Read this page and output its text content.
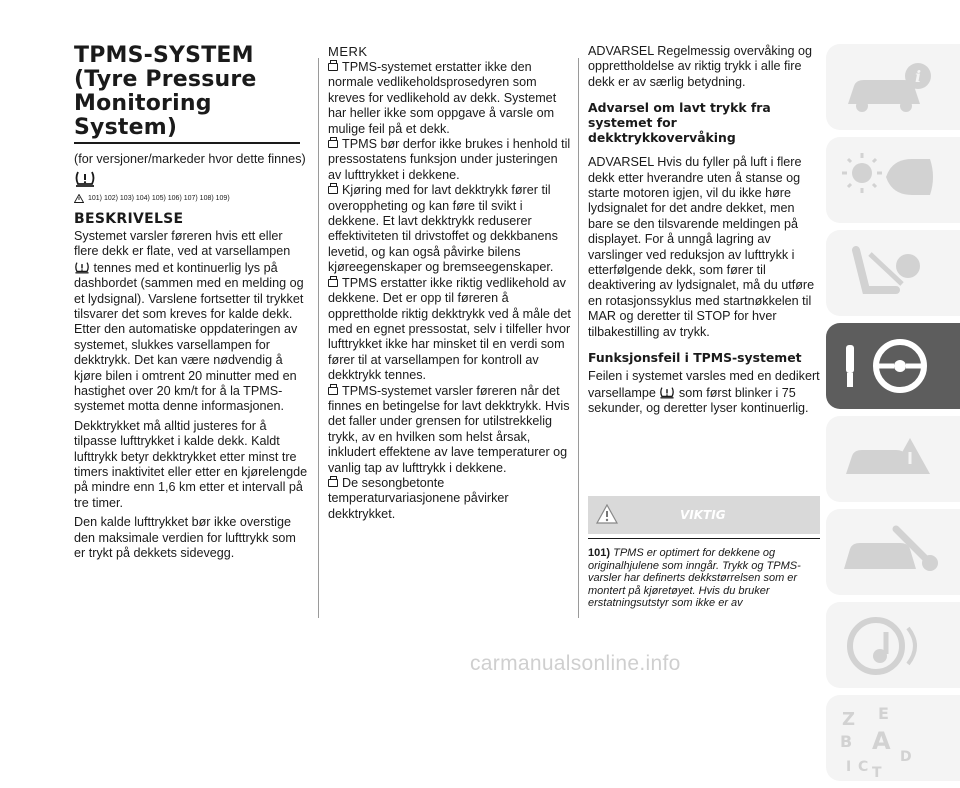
TPMS-SYSTEM
(Tyre Pressure
Monitoring System)

(for versjoner/markeder hvor dette finnes)

101) 102) 103) 104) 105) 106) 107) 108) 109)
BESKRIVELSE

Systemet varsler føreren hvis ett eller flere dekk er flate, ved at varsellampen
tennes med et kontinuerlig lys på dashbordet (sammen med en melding og et lydsignal). Varslene fortsetter til trykket tilsvarer det som kreves for kalde dekk. Etter den automatiske oppdateringen av systemet, slukkes varsellampen for dekktrykk. Det kan være nødvendig å kjøre bilen i omtrent 20 minutter med en hastighet over 20 km/t for å la TPMS-systemet motta denne informasjonen.

Dekktrykket må alltid justeres for å tilpasse lufttrykket i kalde dekk. Kaldt lufttrykk betyr dekktrykket etter minst tre timers inaktivitet eller etter en kjørelengde på mindre enn 1,6 km etter et intervall på tre timer.

Den kalde lufttrykket bør ikke overstige den maksimale verdien for lufttrykk som er trykt på dekkets sidevegg.

MERK

TPMS-systemet erstatter ikke den normale vedlikeholdsprosedyren som kreves for vedlikehold av dekk. Systemet har heller ikke som oppgave å varsle om mulige feil på et dekk.

TPMS bør derfor ikke brukes i henhold til pressostatens funksjon under justeringen av lufttrykket i dekkene.

Kjøring med for lavt dekktrykk fører til overoppheting og kan føre til svikt i dekkene. Et lavt dekktrykk reduserer effektiviteten til drivstoffet og dekkbanens levetid, og kan også påvirke bilens kjøreegenskaper og bremseegenskaper.

TPMS erstatter ikke riktig vedlikehold av dekkene. Det er opp til føreren å opprettholde riktig dekktrykk ved å måle det med en egnet pressostat, selv i tilfeller hvor lufttrykket ikke har minsket til en verdi som fører til at varsellampen for kontroll av dekktrykk tennes.

TPMS-systemet varsler føreren når det finnes en betingelse for lavt dekktrykk. Hvis det faller under grensen for utilstrekkelig trykk, av en hvilken som helst årsak, inkludert effektene av lave temperaturer og vanlig tap av lufttrykk i dekkene.

De sesongbetonte temperaturvariasjonene påvirker dekktrykket.

ADVARSEL Regelmessig overvåking og opprettholdelse av riktig trykk i alle fire dekk er av særlig betydning.

Advarsel om lavt trykk fra systemet for dekktrykkovervåking

ADVARSEL Hvis du fyller på luft i flere dekk etter hverandre uten å stanse og starte motoren igjen, vil du ikke høre lydsignalet for det andre dekket, men bare se den tilsvarende meldingen på displayet. For å unngå lagring av varslinger ved reduksjon av lufttrykk i etterfølgende dekk, som fører til deaktivering av lydsignalet, må du utføre en rotasjonssyklus med startnøkkelen til MAR og deretter til STOP for hver tilbakestilling av trykk.

Funksjonsfeil i TPMS-systemet

Feilen i systemet varsles med en dedikert varsellampe som først blinker i 75 sekunder, og deretter lyser kontinuerlig.

VIKTIG
101) TPMS er optimert for dekkene og originalhjulene som inngår. Trykk og TPMS-varsler har definerts dekkstørrelsen som er montert på kjøretøyet. Hvis du bruker erstatningsutstyr som ikke er av
carmanualsonline.info
i
Z E
B A
I C T
D
